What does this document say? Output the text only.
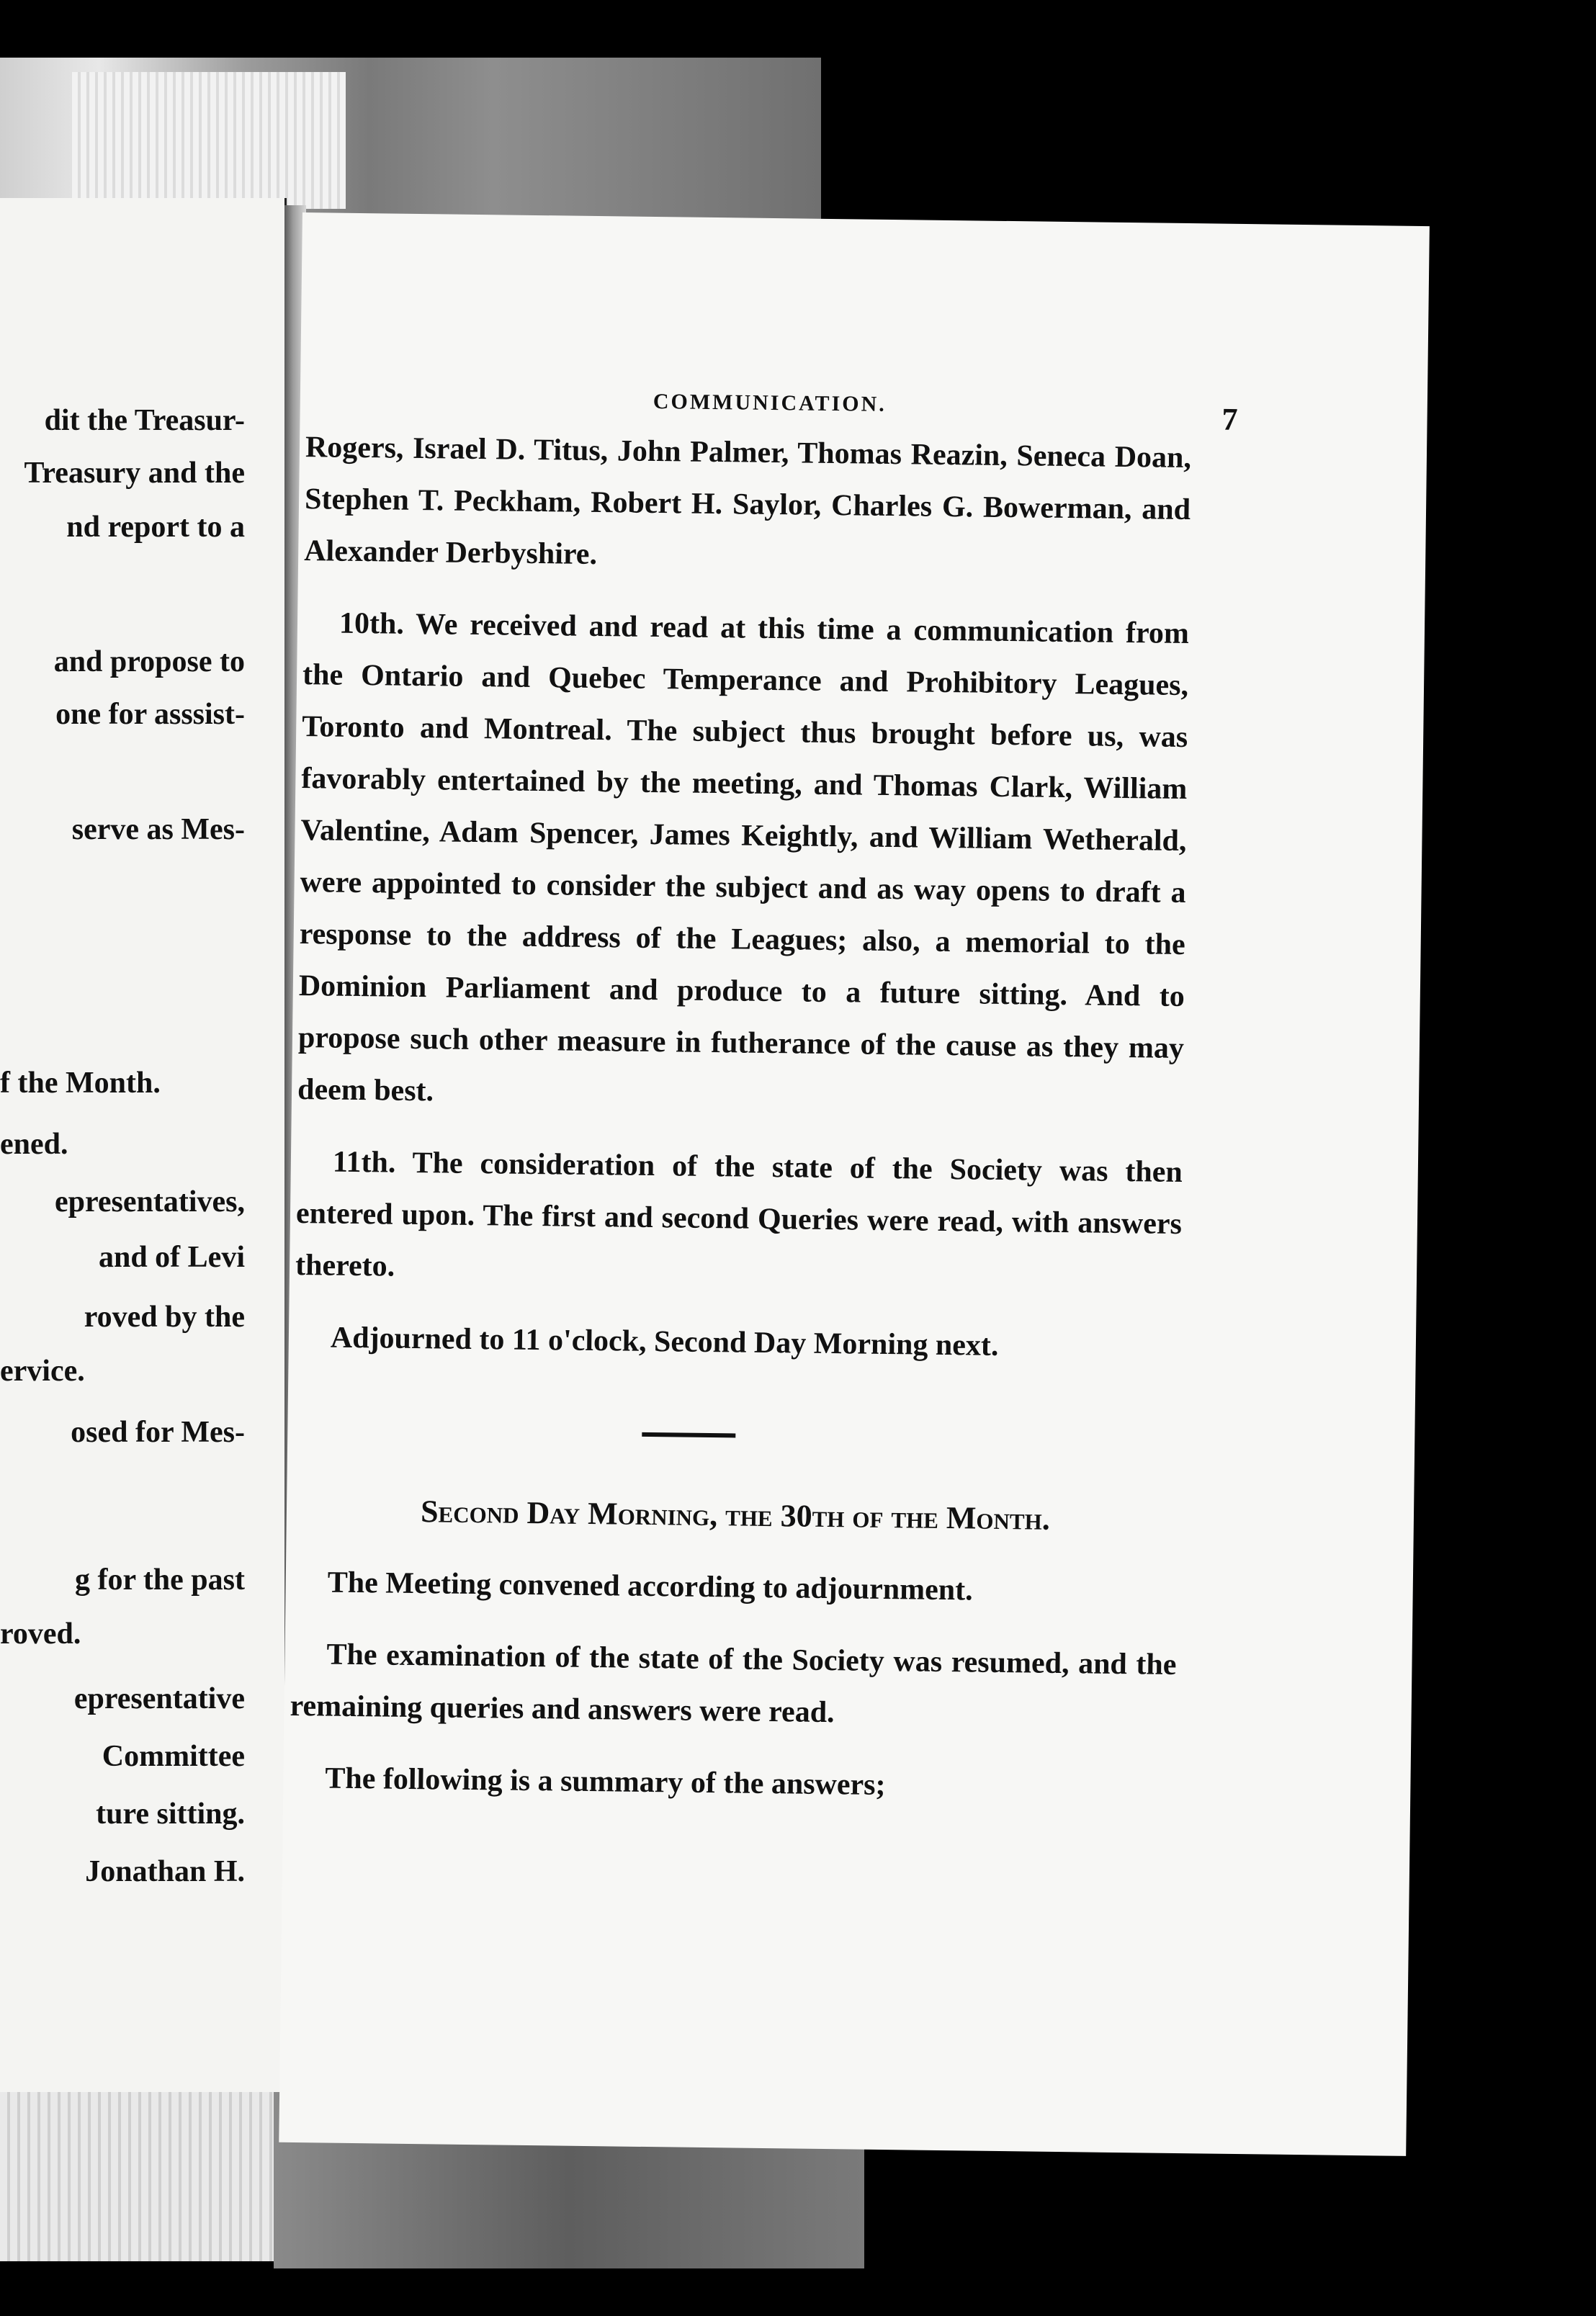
dit the Treasur-
Treasury and the
nd report to a
and propose to
one for asssist-
serve as Mes-
f the Month.
ened.
epresentatives,
and of Levi
roved by the
ervice.
osed for Mes-
g for the past
roved.
epresentative
Committee
ture sitting.
Jonathan H.
COMMUNICATION.	7

Rogers, Israel D. Titus, John Palmer, Thomas Reazin, Seneca Doan, Stephen T. Peckham, Robert H. Saylor, Charles G. Bowerman, and Alexander Derbyshire.

10th. We received and read at this time a communication from the Ontario and Quebec Temperance and Prohibitory Leagues, Toronto and Montreal. The subject thus brought before us, was favorably entertained by the meeting, and Thomas Clark, William Valentine, Adam Spencer, James Keightly, and William Wetherald, were appointed to consider the subject and as way opens to draft a response to the address of the Leagues; also, a memorial to the Dominion Parliament and produce to a future sitting. And to propose such other measure in futherance of the cause as they may deem best.

11th. The consideration of the state of the Society was then entered upon. The first and second Queries were read, with answers thereto.

Adjourned to 11 o'clock, Second Day Morning next.

Second Day Morning, the 30th of the Month.

The Meeting convened according to adjournment.

The examination of the state of the Society was resumed, and the remaining queries and answers were read.

The following is a summary of the answers;
